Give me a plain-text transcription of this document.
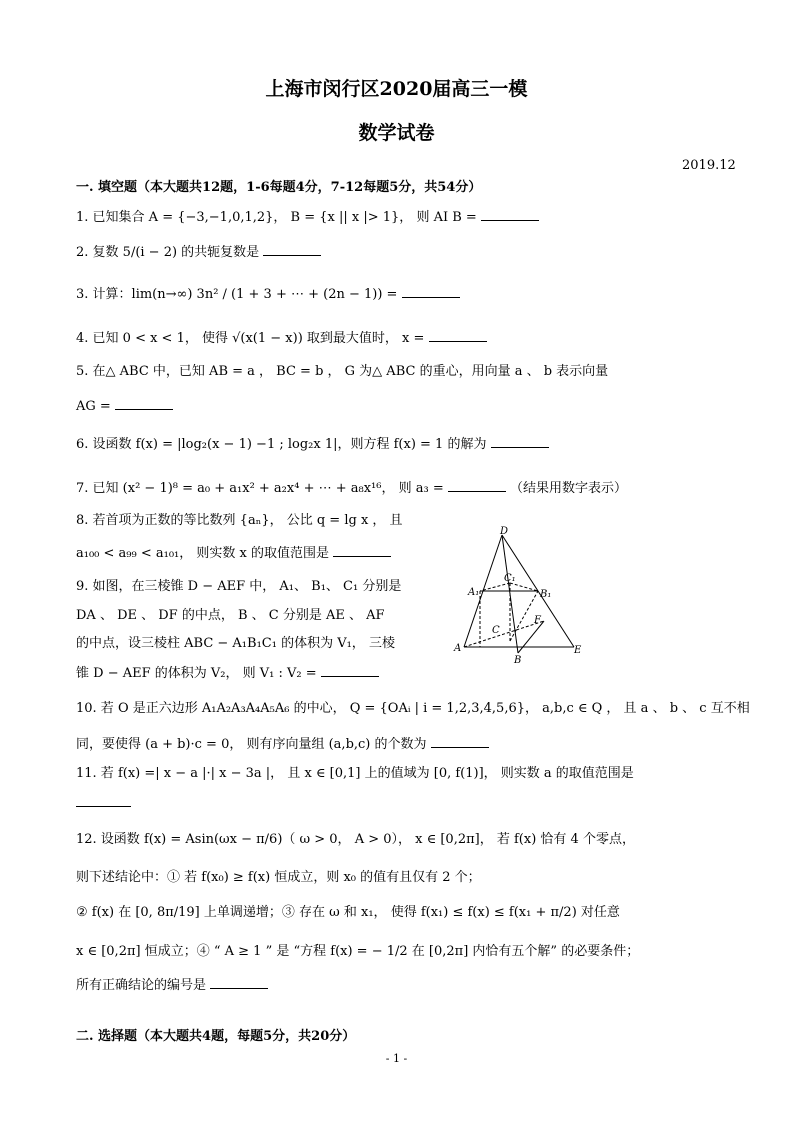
上海市闵行区2020届高三一模
数学试卷
2019.12
一. 填空题（本大题共12题，1-6每题4分，7-12每题5分，共54分）
1. 已知集合 A = {−3,−1,0,1,2}， B = {x || x |> 1}， 则 AI B =
2. 复数 5/(i − 2) 的共轭复数是
3. 计算：lim(n→∞) 3n² / (1 + 3 + ⋯ + (2n − 1)) =
4. 已知 0 < x < 1， 使得 √(x(1 − x)) 取到最大值时， x =
5. 在△ ABC 中，已知 AB = a ， BC = b ， G 为△ ABC 的重心，用向量 a 、 b 表示向量
AG =
6. 设函数 f(x) = |log₂(x − 1) −1 ; log₂x 1|，则方程 f(x) = 1 的解为
7. 已知 (x² − 1)⁸ = a₀ + a₁x² + a₂x⁴ + ⋯ + a₈x¹⁶， 则 a₃ =	（结果用数字表示）
8. 若首项为正数的等比数列 {aₙ}， 公比 q = lg x ， 且
a₁₀₀ < a₉₉ < a₁₀₁， 则实数 x 的取值范围是
9. 如图，在三棱锥 D − AEF 中， A₁、 B₁、 C₁ 分别是
DA 、 DE 、 DF 的中点， B 、 C 分别是 AE 、 AF
的中点，设三棱柱 ABC − A₁B₁C₁ 的体积为 V₁， 三棱
锥 D − AEF 的体积为 V₂， 则 V₁ : V₂ =
D
C₁
A₁	B₁
C
F
A
B
E
10. 若 O 是正六边形 A₁A₂A₃A₄A₅A₆ 的中心， Q = {OAᵢ | i = 1,2,3,4,5,6}， a,b,c ∈ Q ， 且 a 、 b 、 c 互不相
同，要使得 (a + b)·c = 0， 则有序向量组 (a,b,c) 的个数为
11. 若 f(x) =| x − a |·| x − 3a |， 且 x ∈ [0,1] 上的值域为 [0, f(1)]， 则实数 a 的取值范围是
12. 设函数 f(x) = Asin(ωx − π/6)（ ω > 0， A > 0）， x ∈ [0,2π]， 若 f(x) 恰有 4 个零点，
则下述结论中：① 若 f(x₀) ≥ f(x) 恒成立，则 x₀ 的值有且仅有 2 个；
② f(x) 在 [0, 8π/19] 上单调递增；③ 存在 ω 和 x₁， 使得 f(x₁) ≤ f(x) ≤ f(x₁ + π/2) 对任意
x ∈ [0,2π] 恒成立；④ “ A ≥ 1 ” 是 “方程 f(x) = − 1/2 在 [0,2π] 内恰有五个解” 的必要条件；
所有正确结论的编号是
二. 选择题（本大题共4题，每题5分，共20分）
- 1 -
